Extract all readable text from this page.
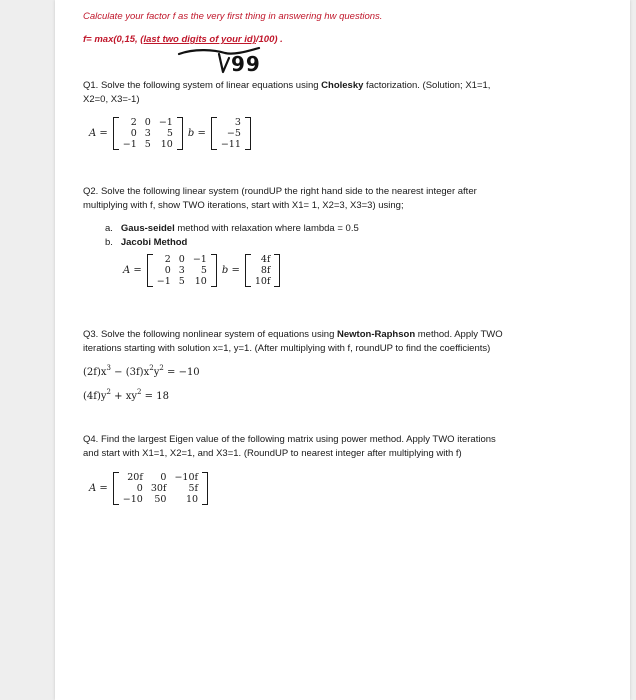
Calculate your factor f as the very first thing in answering hw questions.
f= max(0,15, (last two digits of your id)/100) .
99
Q1. Solve the following system of linear equations using Cholesky factorization. (Solution; X1=1,
X2=0, X3=-1)
A =
2	0	−1
0	3	5
−1	5	10
b =
3
−5
−11
Q2. Solve the following linear system (roundUP the right hand side to the nearest integer after
multiplying with f, show TWO iterations, start with X1= 1, X2=3, X3=3) using;
a. Gaus-seidel method with relaxation where lambda = 0.5
b. Jacobi Method
A =
2	0	−1
0	3	5
−1	5	10
b =
4f
8f
10f
Q3. Solve the following nonlinear system of equations using Newton-Raphson method. Apply TWO
iterations starting with solution x=1, y=1. (After multiplying with f, roundUP to find the coefficients)
$(2f)x^3 - (3f)x^2y^2 = -10$
$(4f)y^2 + xy^2 = 18$
Q4. Find the largest Eigen value of the following matrix using power method. Apply TWO iterations
and start with X1=1, X2=1, and X3=1. (RoundUP to nearest integer after multiplying with f)
A =
20f	0	−10f
0	30f	5f
−10	50	10
